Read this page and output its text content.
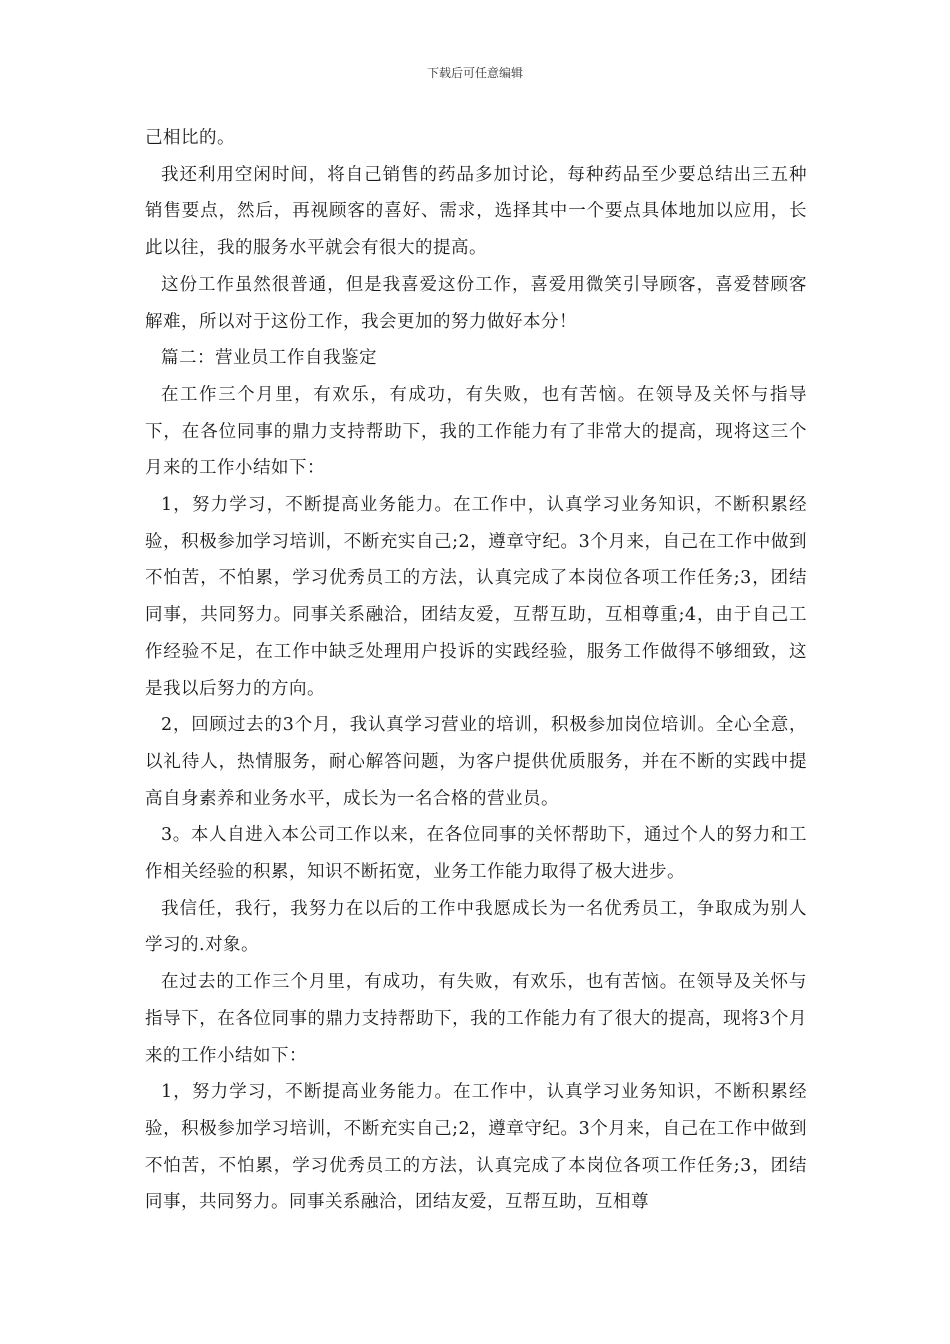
下载后可任意编辑

己相比的。

我还利用空闲时间，将自己销售的药品多加讨论，每种药品至少要总结出三五种销售要点，然后，再视顾客的喜好、需求，选择其中一个要点具体地加以应用，长此以往，我的服务水平就会有很大的提高。

这份工作虽然很普通，但是我喜爱这份工作，喜爱用微笑引导顾客，喜爱替顾客解难，所以对于这份工作，我会更加的努力做好本分！

篇二：营业员工作自我鉴定

在工作三个月里，有欢乐，有成功，有失败，也有苦恼。在领导及关怀与指导下，在各位同事的鼎力支持帮助下，我的工作能力有了非常大的提高，现将这三个月来的工作小结如下：

1，努力学习，不断提高业务能力。在工作中，认真学习业务知识，不断积累经验，积极参加学习培训，不断充实自己;2，遵章守纪。3个月来，自己在工作中做到不怕苦，不怕累，学习优秀员工的方法，认真完成了本岗位各项工作任务;3，团结同事，共同努力。同事关系融洽，团结友爱，互帮互助，互相尊重;4，由于自己工作经验不足，在工作中缺乏处理用户投诉的实践经验，服务工作做得不够细致，这是我以后努力的方向。

2，回顾过去的3个月，我认真学习营业的培训，积极参加岗位培训。全心全意，以礼待人，热情服务，耐心解答问题，为客户提供优质服务，并在不断的实践中提高自身素养和业务水平，成长为一名合格的营业员。

3。本人自进入本公司工作以来，在各位同事的关怀帮助下，通过个人的努力和工作相关经验的积累，知识不断拓宽，业务工作能力取得了极大进步。

我信任，我行，我努力在以后的工作中我愿成长为一名优秀员工，争取成为别人学习的.对象。

在过去的工作三个月里，有成功，有失败，有欢乐，也有苦恼。在领导及关怀与指导下，在各位同事的鼎力支持帮助下，我的工作能力有了很大的提高，现将3个月来的工作小结如下：

1，努力学习，不断提高业务能力。在工作中，认真学习业务知识，不断积累经验，积极参加学习培训，不断充实自己;2，遵章守纪。3个月来，自己在工作中做到不怕苦，不怕累，学习优秀员工的方法，认真完成了本岗位各项工作任务;3，团结同事，共同努力。同事关系融洽，团结友爱，互帮互助，互相尊
